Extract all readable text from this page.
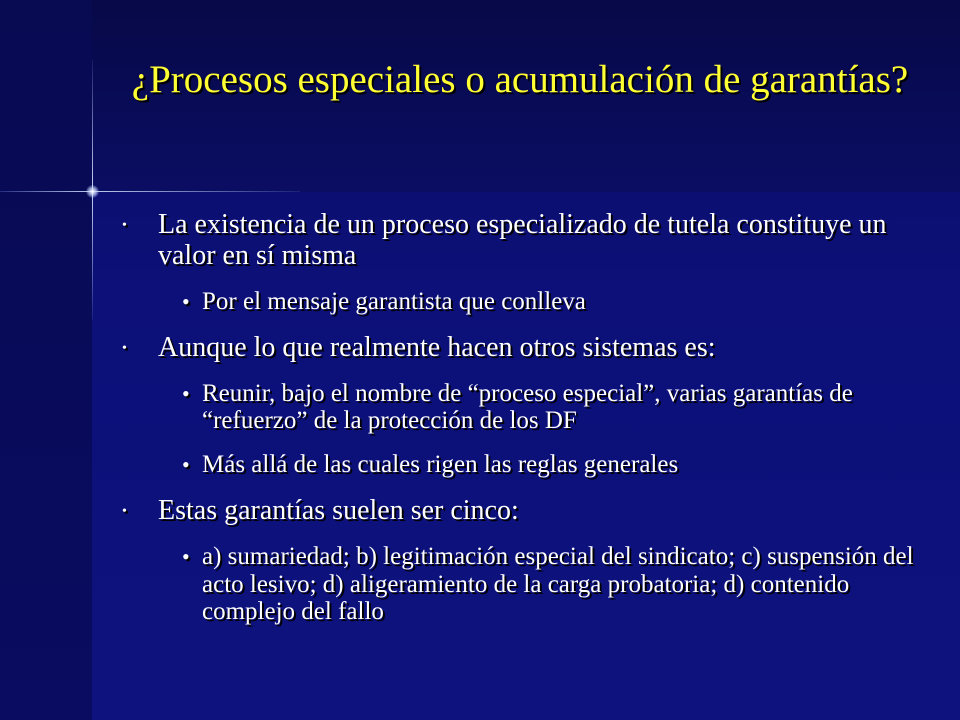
¿Procesos especiales o acumulación de garantías?
• La existencia de un proceso especializado de tutela constituye un valor en sí misma
• Por el mensaje garantista que conlleva
• Aunque lo que realmente hacen otros sistemas es:
• Reunir, bajo el nombre de “proceso especial”, varias garantías de “refuerzo” de la protección de los DF
• Más allá de las cuales rigen las reglas generales
• Estas garantías suelen ser cinco:
• a) sumariedad; b) legitimación especial del sindicato; c) suspensión del acto lesivo; d) aligeramiento de la carga probatoria; d) contenido complejo del fallo
